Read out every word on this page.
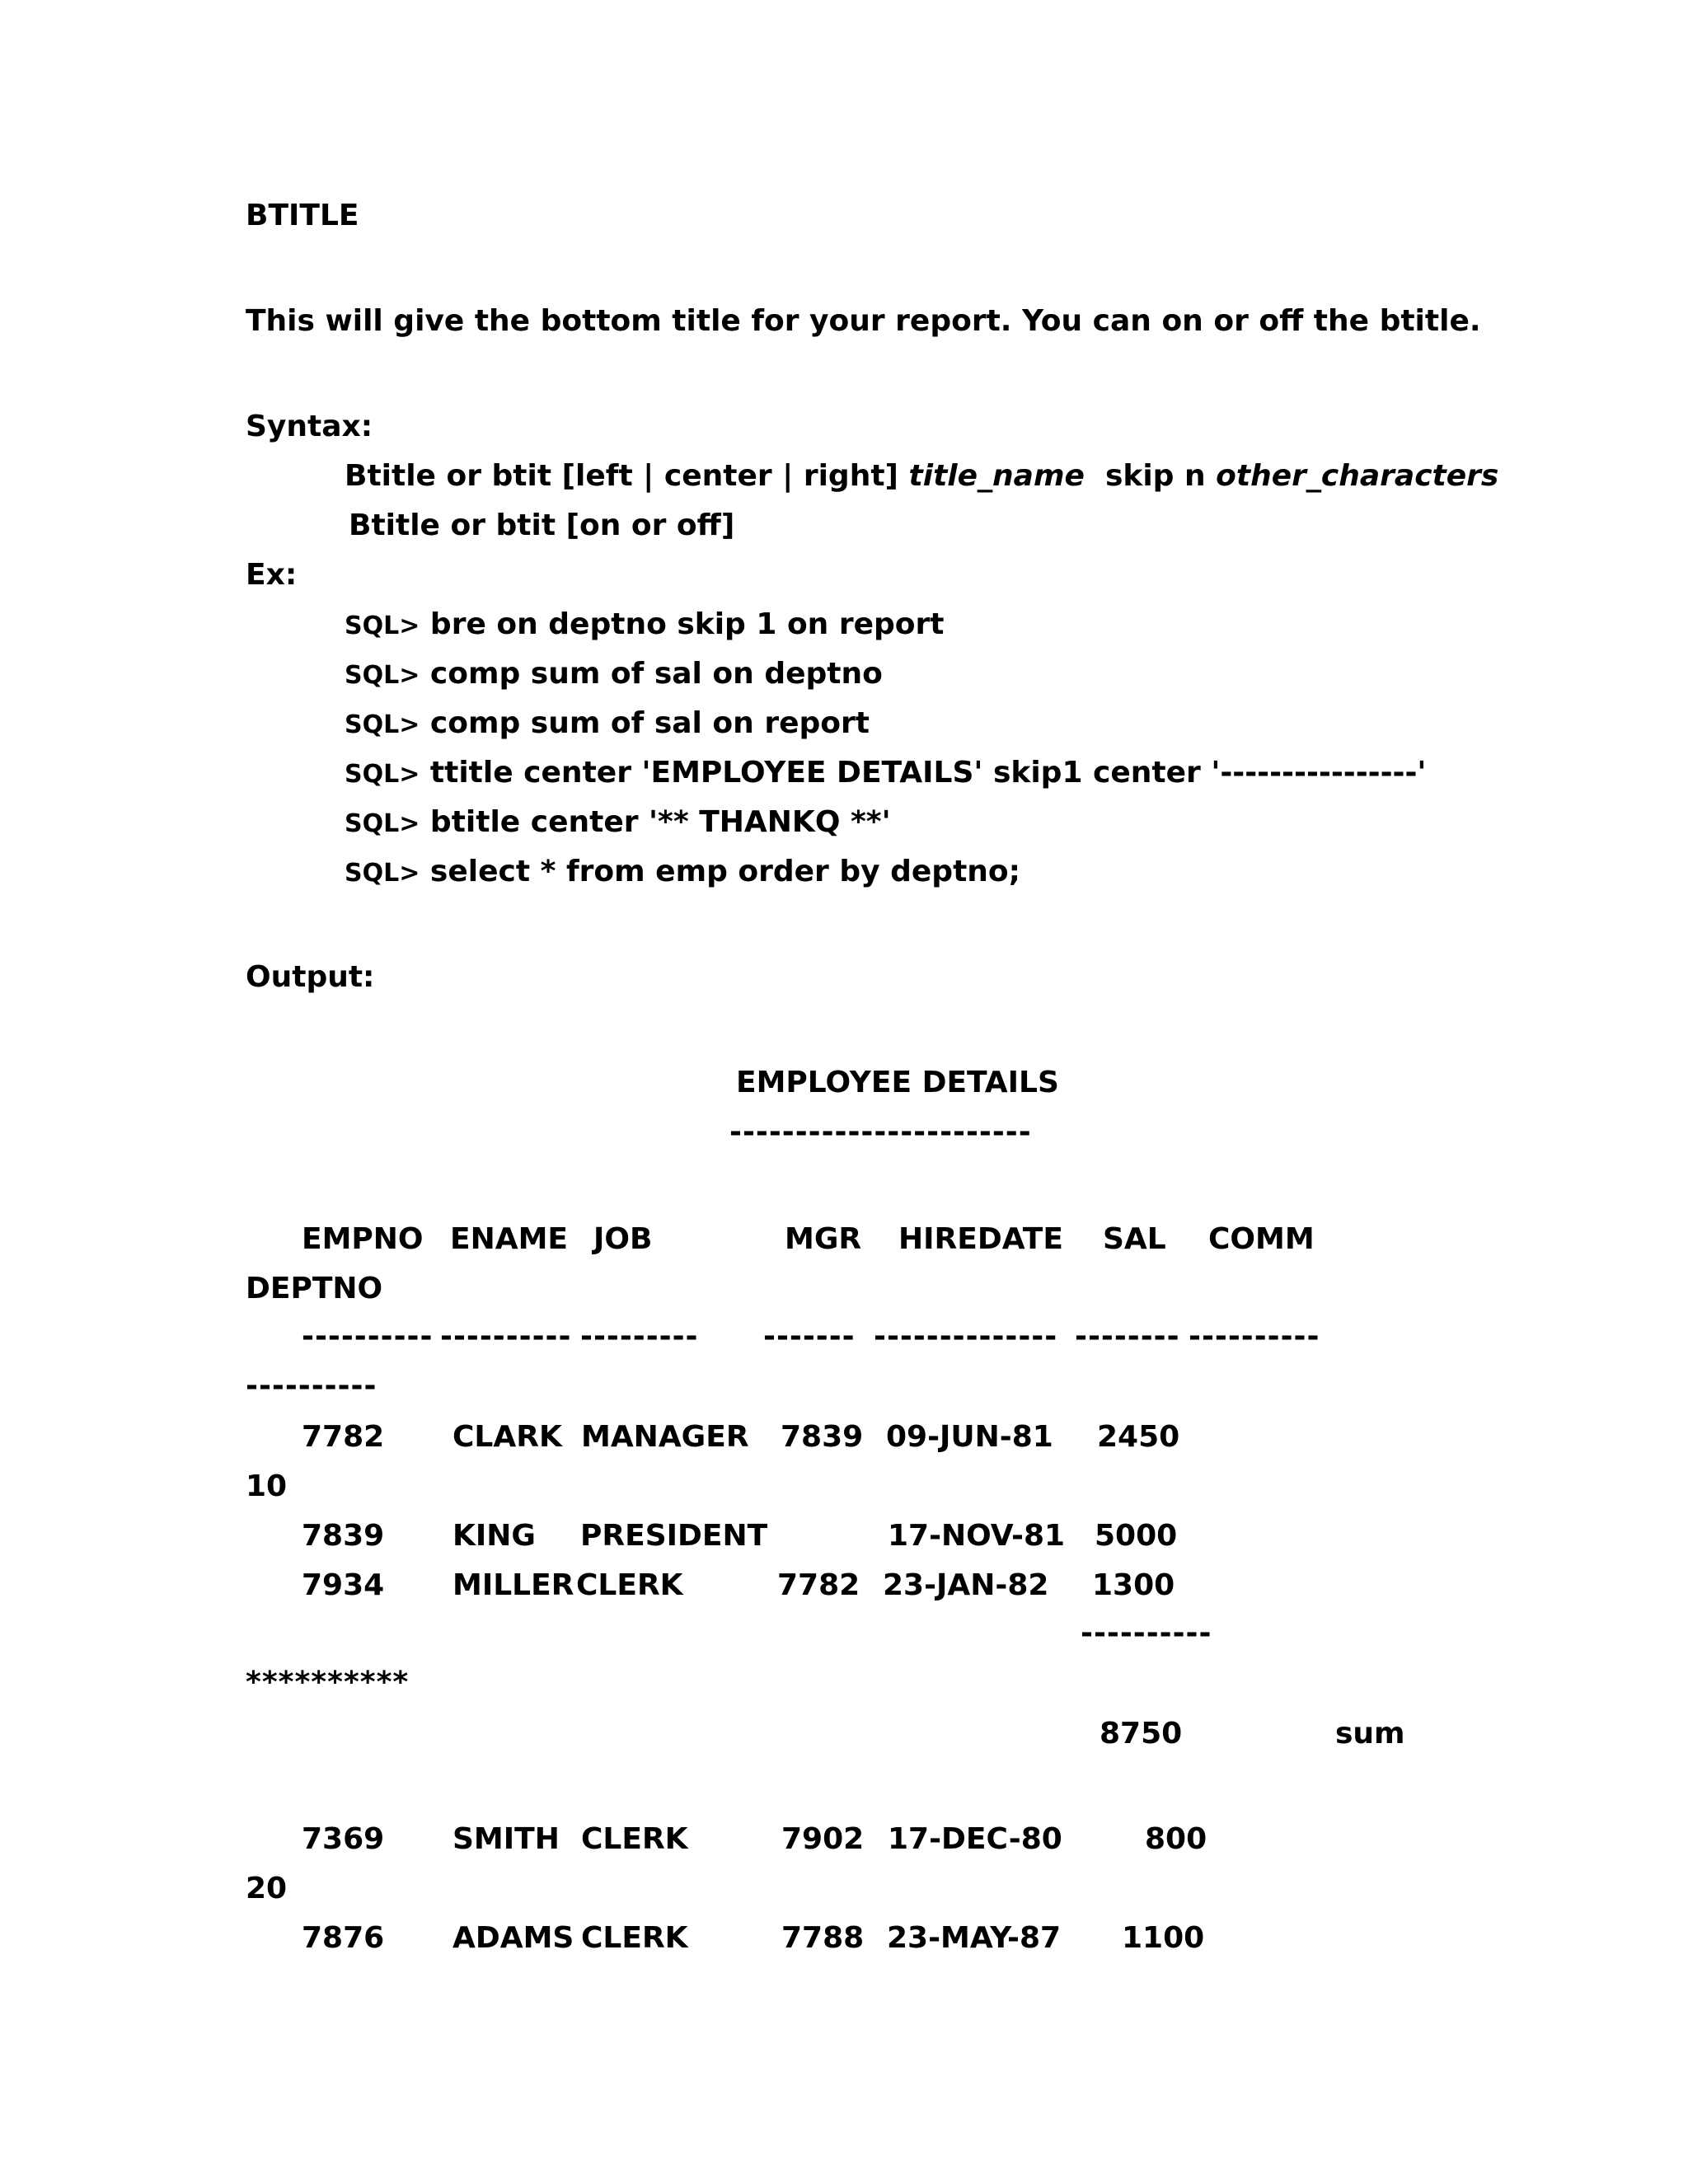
BTITLE
This will give the bottom title for your report. You can on or off the btitle.
Syntax:
Btitle or btit [left | center | right] title_name  skip n other_characters
Btitle or btit [on or off]
Ex:
SQL> bre on deptno skip 1 on report
SQL> comp sum of sal on deptno
SQL> comp sum of sal on report
SQL> ttitle center 'EMPLOYEE DETAILS' skip1 center '----------------'
SQL> btitle center '** THANKQ **'
SQL> select * from emp order by deptno;
Output:
EMPLOYEE DETAILS
-----------------------
EMPNO ENAME JOB	MGR HIREDATE SAL COMM
DEPTNO
---------- ---------- --------- ------- -------------- -------- ----------
----------
7782 CLARK MANAGER 7839 09-JUN-81 2450
10
7839 KING PRESIDENT	17-NOV-81 5000
7934 MILLER CLERK	7782 23-JAN-82 1300
----------
**********
8750	sum
7369 SMITH CLERK	7902 17-DEC-80	800
20
7876 ADAMS CLERK	7788 23-MAY-87 1100
